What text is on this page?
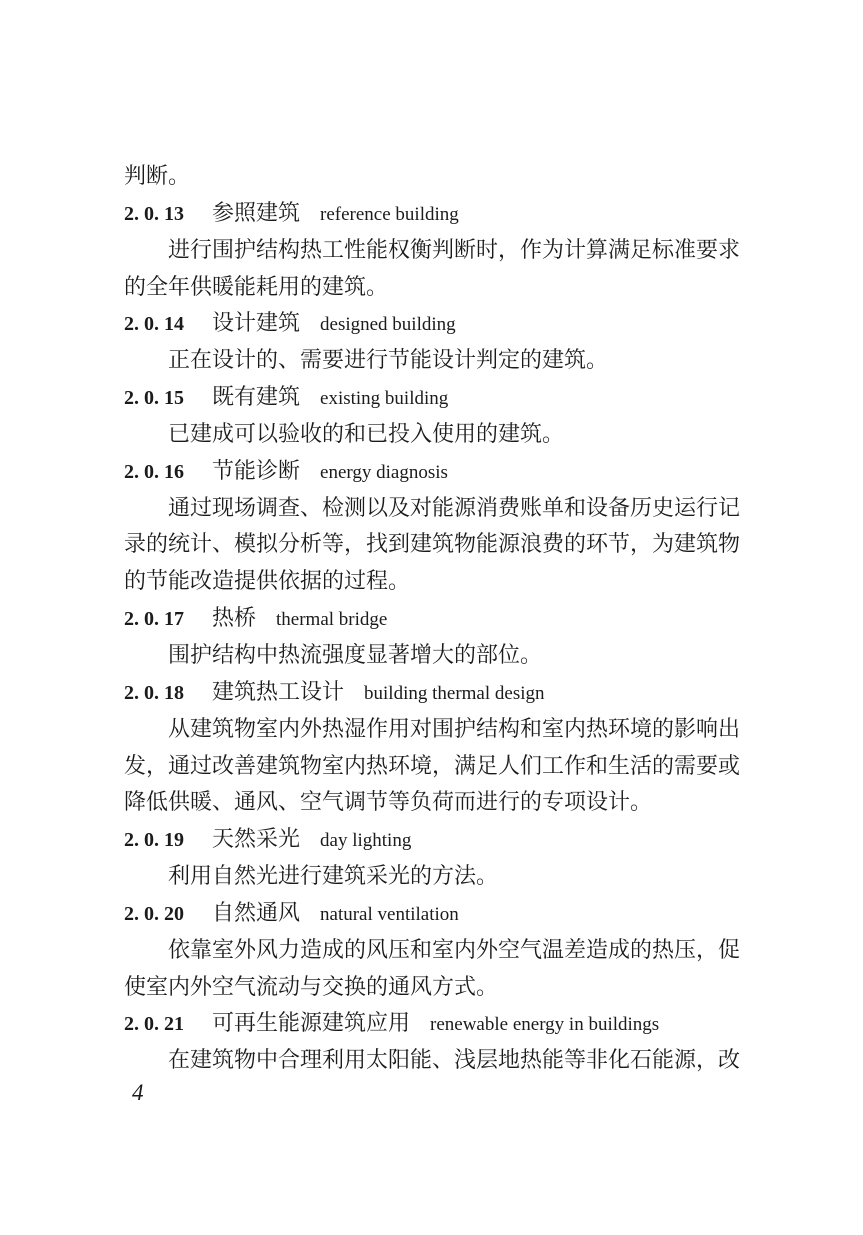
判断。
2. 0. 13 参照建筑 reference building
进行围护结构热工性能权衡判断时，作为计算满足标准要求
的全年供暖能耗用的建筑。
2. 0. 14 设计建筑 designed building
正在设计的、需要进行节能设计判定的建筑。
2. 0. 15 既有建筑 existing building
已建成可以验收的和已投入使用的建筑。
2. 0. 16 节能诊断 energy diagnosis
通过现场调查、检测以及对能源消费账单和设备历史运行记
录的统计、模拟分析等，找到建筑物能源浪费的环节，为建筑物
的节能改造提供依据的过程。
2. 0. 17 热桥 thermal bridge
围护结构中热流强度显著增大的部位。
2. 0. 18 建筑热工设计 building thermal design
从建筑物室内外热湿作用对围护结构和室内热环境的影响出
发，通过改善建筑物室内热环境，满足人们工作和生活的需要或
降低供暖、通风、空气调节等负荷而进行的专项设计。
2. 0. 19 天然采光 day lighting
利用自然光进行建筑采光的方法。
2. 0. 20 自然通风 natural ventilation
依靠室外风力造成的风压和室内外空气温差造成的热压，促
使室内外空气流动与交换的通风方式。
2. 0. 21 可再生能源建筑应用 renewable energy in buildings
在建筑物中合理利用太阳能、浅层地热能等非化石能源，改
4
